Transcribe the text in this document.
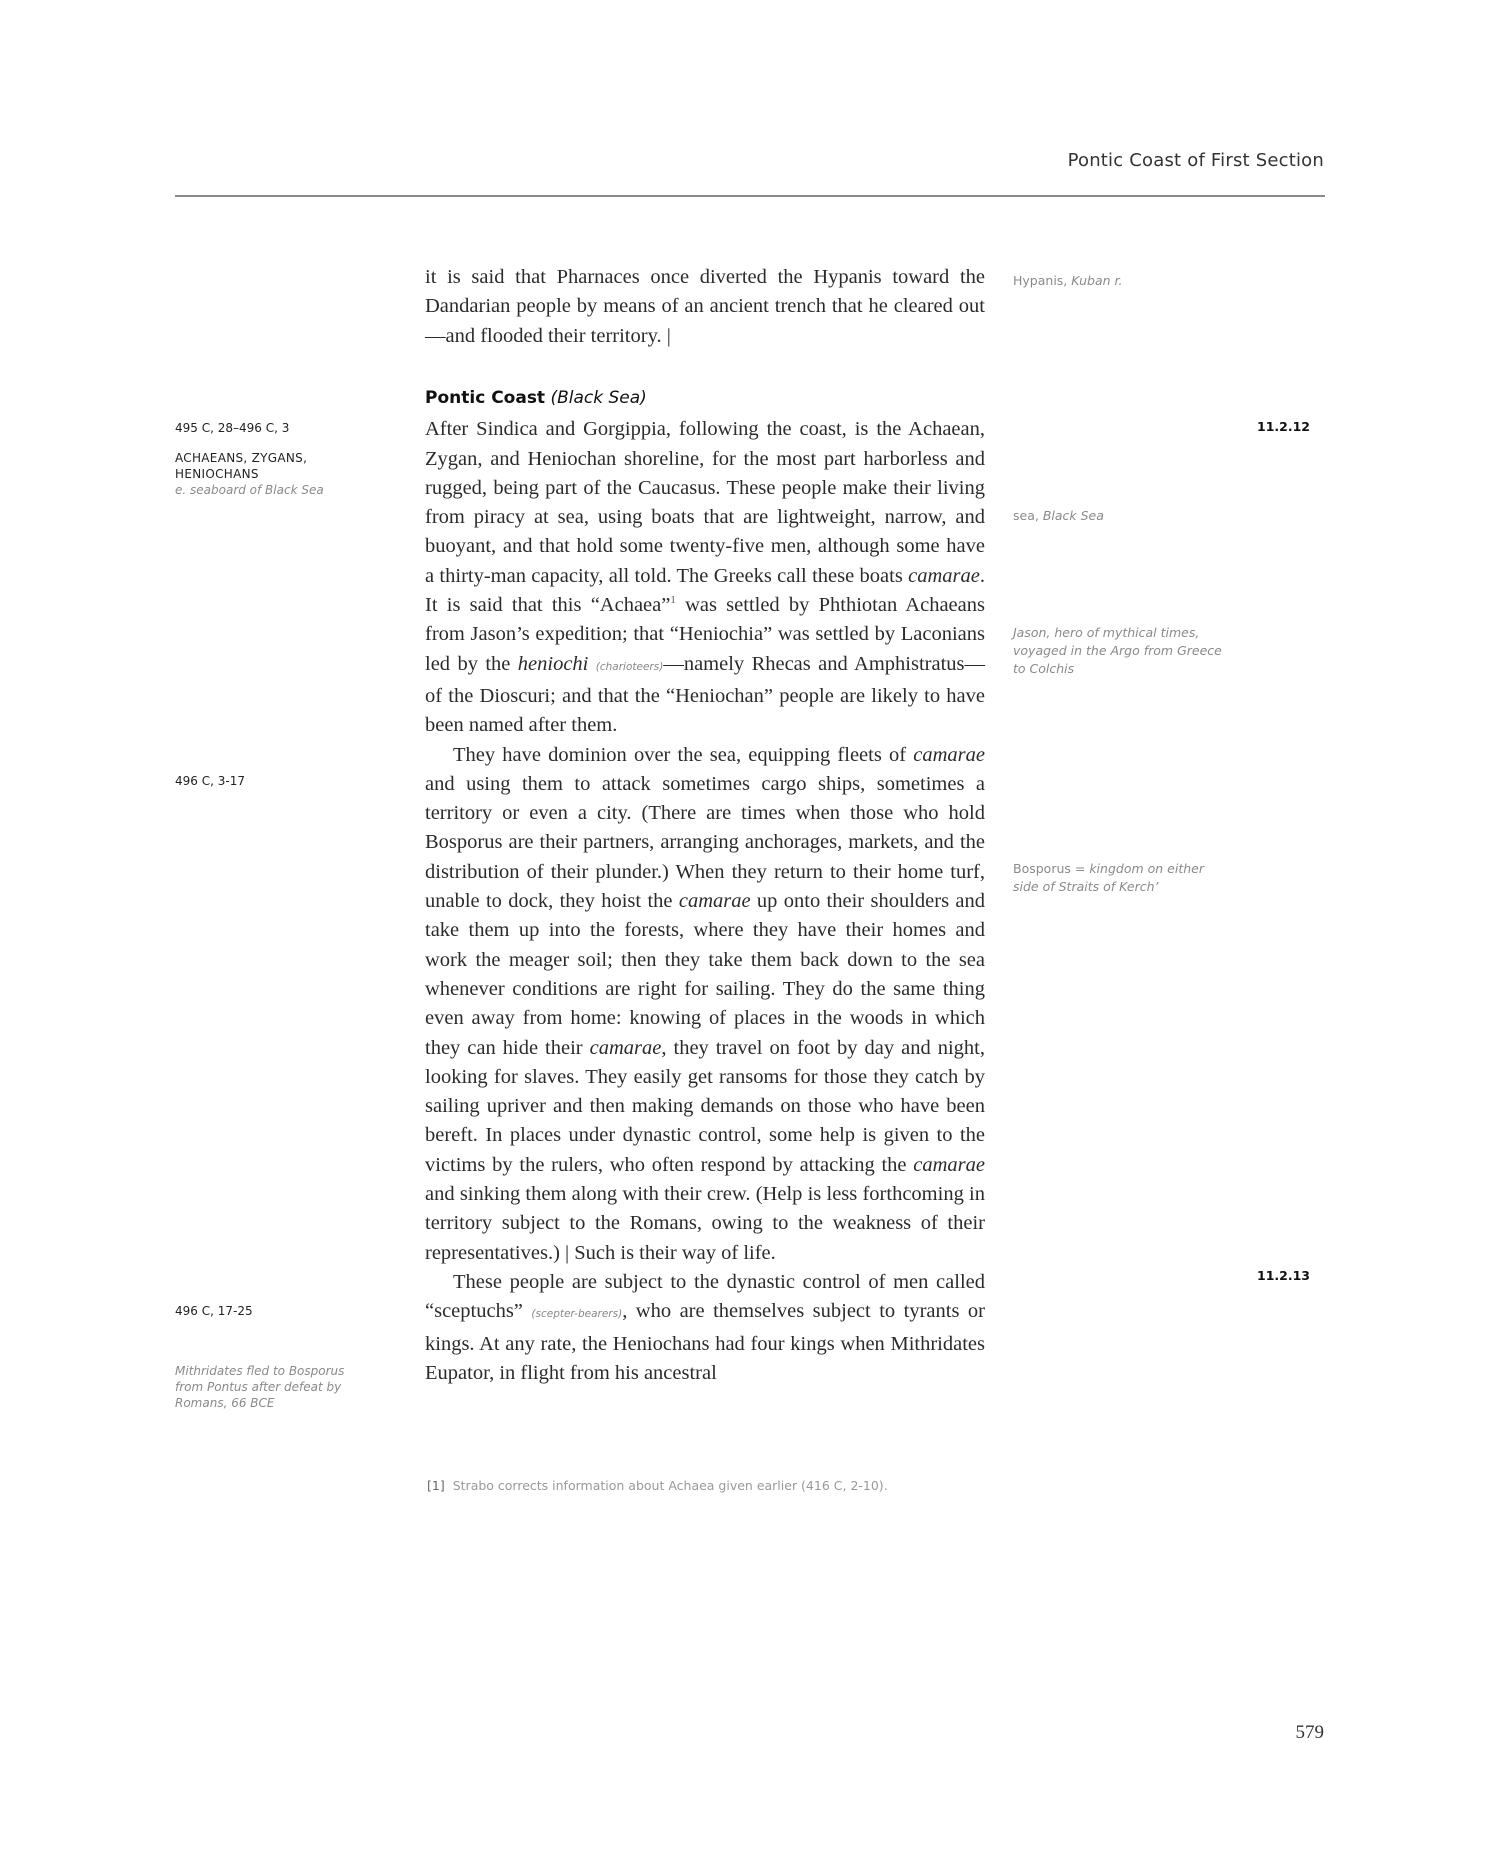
Pontic Coast of First Section

it is said that Pharnaces once diverted the Hypanis toward the Dandarian people by means of an ancient trench that he cleared out—and flooded their territory. |

Pontic Coast (Black Sea)

After Sindica and Gorgippia, following the coast, is the Achaean, Zygan, and Heniochan shoreline, for the most part harborless and rugged, being part of the Caucasus. These people make their living from piracy at sea, using boats that are lightweight, narrow, and buoyant, and that hold some twenty-five men, although some have a thirty-man capacity, all told. The Greeks call these boats camarae. It is said that this “Achaea”$^1$ was settled by Phthiotan Achaeans from Jason’s expedition; that “Heniochia” was settled by Laconians led by the heniochi (charioteers)—namely Rhecas and Amphistratus—of the Dioscuri; and that the “Heniochan” people are likely to have been named after them.

They have dominion over the sea, equipping fleets of camarae and using them to attack sometimes cargo ships, sometimes a territory or even a city. (There are times when those who hold Bosporus are their partners, arranging anchorages, markets, and the distribution of their plunder.) When they return to their home turf, unable to dock, they hoist the camarae up onto their shoulders and take them up into the forests, where they have their homes and work the meager soil; then they take them back down to the sea whenever conditions are right for sailing. They do the same thing even away from home: knowing of places in the woods in which they can hide their camarae, they travel on foot by day and night, looking for slaves. They easily get ransoms for those they catch by sailing upriver and then making demands on those who have been bereft. In places under dynastic control, some help is given to the victims by the rulers, who often respond by attacking the camarae and sinking them along with their crew. (Help is less forthcoming in territory subject to the Romans, owing to the weakness of their representatives.) | Such is their way of life.

These people are subject to the dynastic control of men called “sceptuchs” (scepter-bearers), who are themselves subject to tyrants or kings. At any rate, the Heniochans had four kings when Mithridates Eupator, in flight from his ancestral

495 C, 28–496 C, 3
ACHAEANS, ZYGANS, HENIOCHANS
e. seaboard of Black Sea
496 C, 3-17
496 C, 17-25
Mithridates fled to Bosporus from Pontus after defeat by Romans, 66 BCE
Hypanis, Kuban r.
sea, Black Sea
Jason, hero of mythical times, voyaged in the Argo from Greece to Colchis
Bosporus = kingdom on either side of Straits of Kerch’
11.2.12
11.2.13
[1] Strabo corrects information about Achaea given earlier (416 C, 2-10).
579
